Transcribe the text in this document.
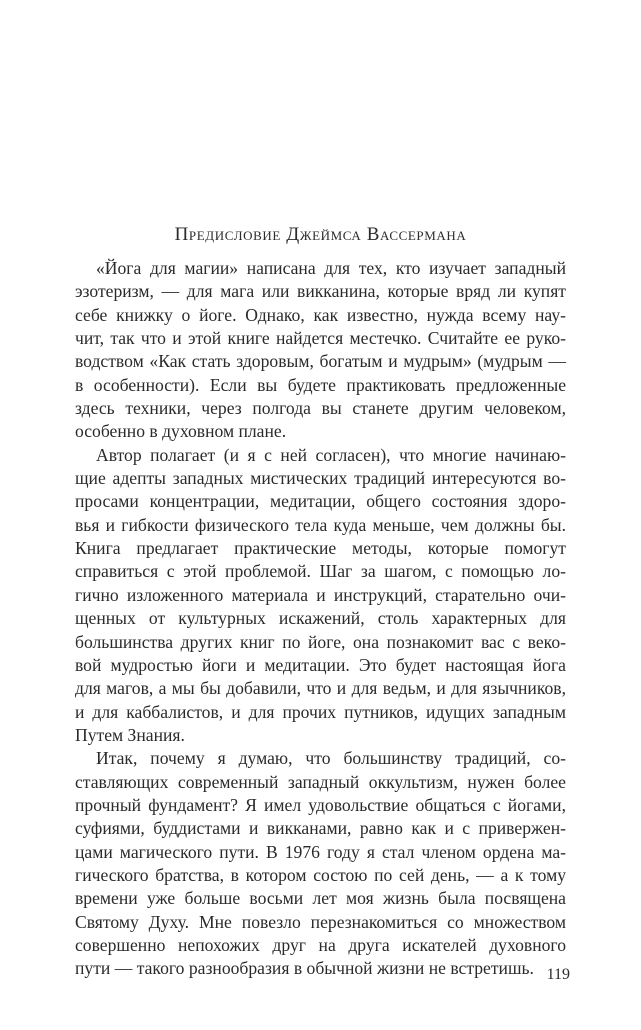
Предисловие Джеймса Вассермана
«Йога для магии» написана для тех, кто изучает западный
эзотеризм, — для мага или викканина, которые вряд ли купят
себе книжку о йоге. Однако, как известно, нужда всему нау-
чит, так что и этой книге найдется местечко. Считайте ее руко-
водством «Как стать здоровым, богатым и мудрым» (мудрым —
в особенности). Если вы будете практиковать предложенные
здесь техники, через полгода вы станете другим человеком,
особенно в духовном плане.
Автор полагает (и я с ней согласен), что многие начинаю-
щие адепты западных мистических традиций интересуются во-
просами концентрации, медитации, общего состояния здоро-
вья и гибкости физического тела куда меньше, чем должны бы.
Книга предлагает практические методы, которые помогут
справиться с этой проблемой. Шаг за шагом, с помощью ло-
гично изложенного материала и инструкций, старательно очи-
щенных от культурных искажений, столь характерных для
большинства других книг по йоге, она познакомит вас с веко-
вой мудростью йоги и медитации. Это будет настоящая йога
для магов, а мы бы добавили, что и для ведьм, и для язычников,
и для каббалистов, и для прочих путников, идущих западным
Путем Знания.
Итак, почему я думаю, что большинству традиций, со-
ставляющих современный западный оккультизм, нужен более
прочный фундамент? Я имел удовольствие общаться с йогами,
суфиями, буддистами и викканами, равно как и с привержен-
цами магического пути. В 1976 году я стал членом ордена ма-
гического братства, в котором состою по сей день, — а к тому
времени уже больше восьми лет моя жизнь была посвящена
Святому Духу. Мне повезло перезнакомиться со множеством
совершенно непохожих друг на друга искателей духовного
пути — такого разнообразия в обычной жизни не встретишь. 119
